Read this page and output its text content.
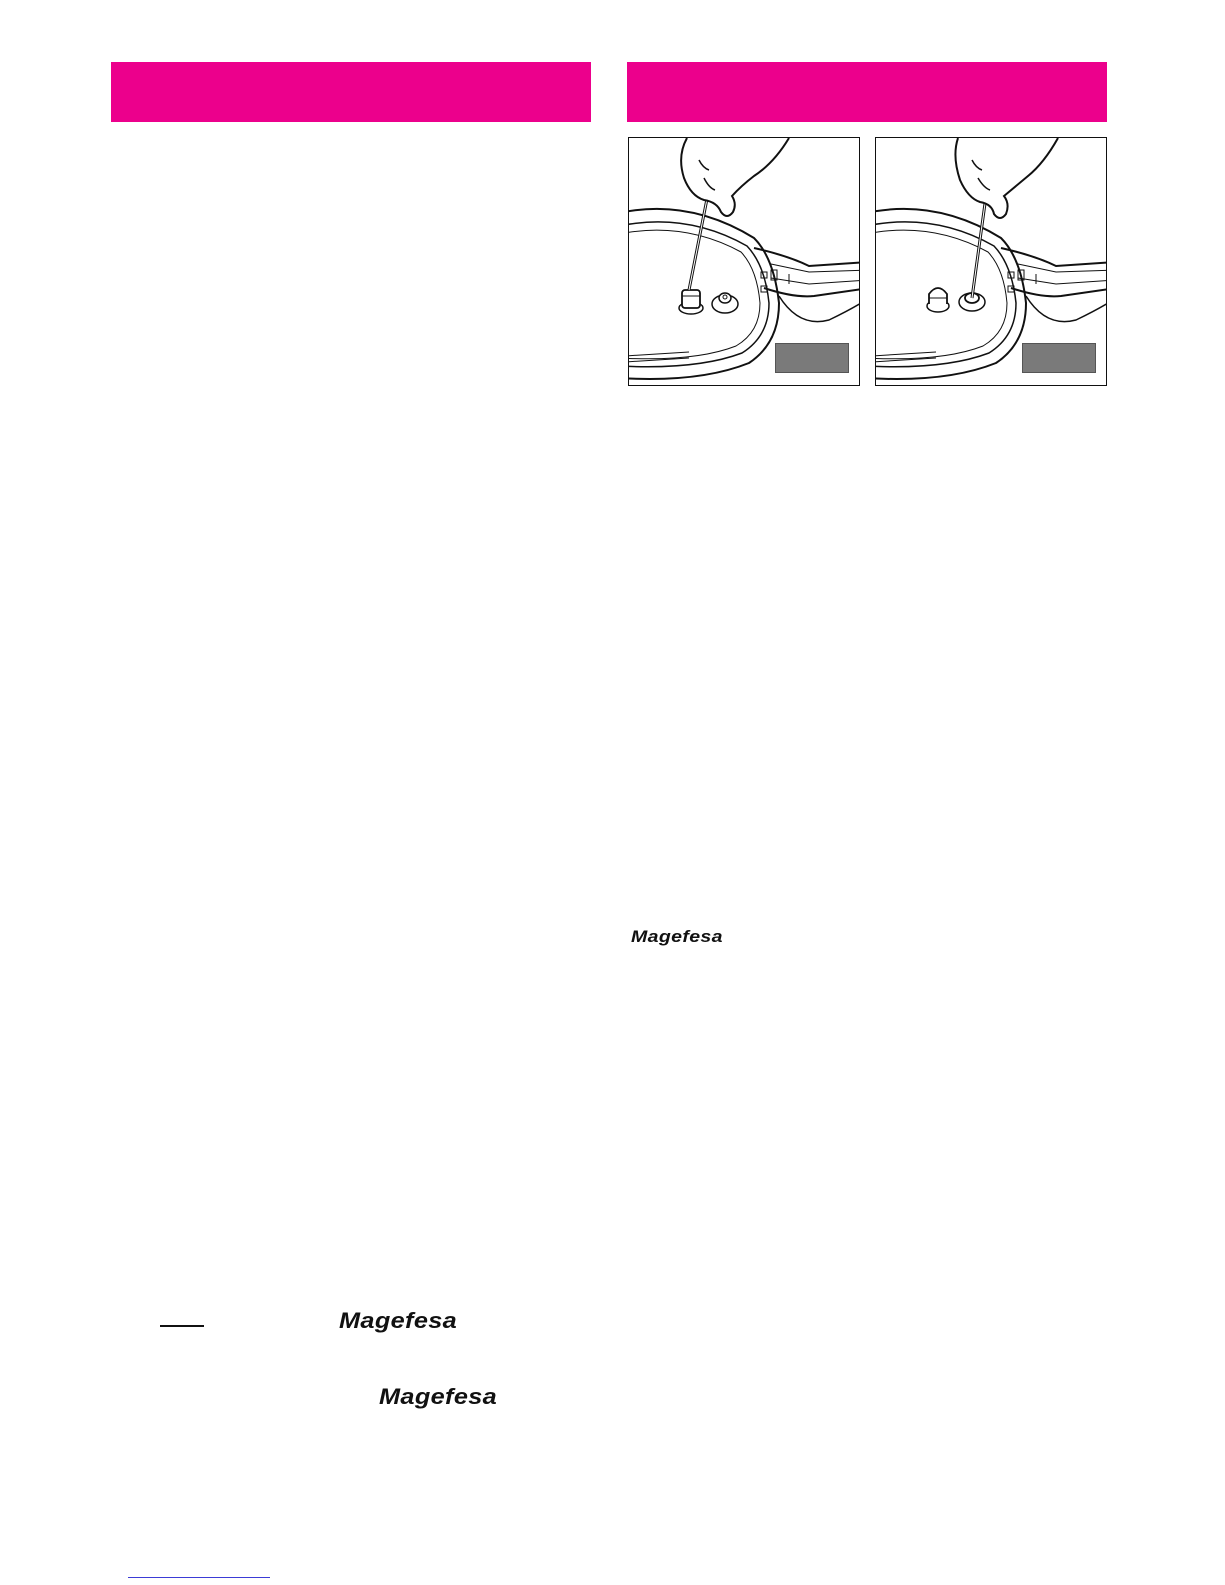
Magefesa
Magefesa
Magefesa
